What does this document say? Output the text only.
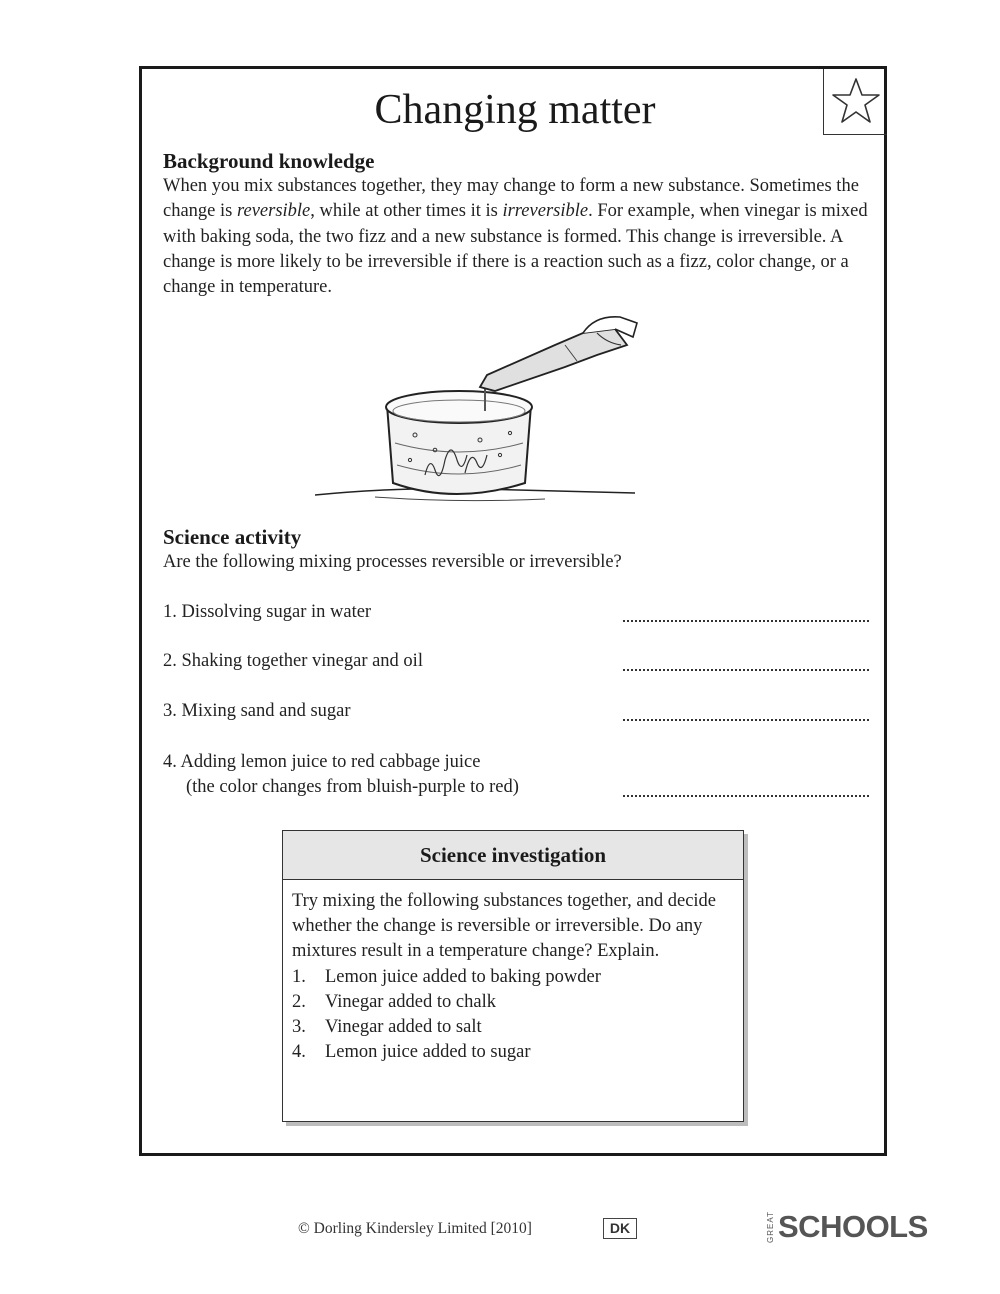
Changing matter
Background knowledge
When you mix substances together, they may change to form a new substance. Sometimes the change is reversible, while at other times it is irreversible. For example, when vinegar is mixed with baking soda, the two fizz and a new substance is formed. This change is irreversible. A change is more likely to be irreversible if there is a reaction such as a fizz, color change, or a change in temperature.
Science activity
Are the following mixing processes reversible or irreversible?
1. Dissolving sugar in water
2. Shaking together vinegar and oil
3. Mixing sand and sugar
4. Adding lemon juice to red cabbage juice
(the color changes from bluish-purple to red)
Science investigation
Try mixing the following substances together, and decide whether the change is reversible or irreversible. Do any mixtures result in a temperature change? Explain.
1. Lemon juice added to baking powder
2. Vinegar added to chalk
3. Vinegar added to salt
4. Lemon juice added to sugar
© Dorling Kindersley Limited [2010]	DK	GREAT SCHOOLS
